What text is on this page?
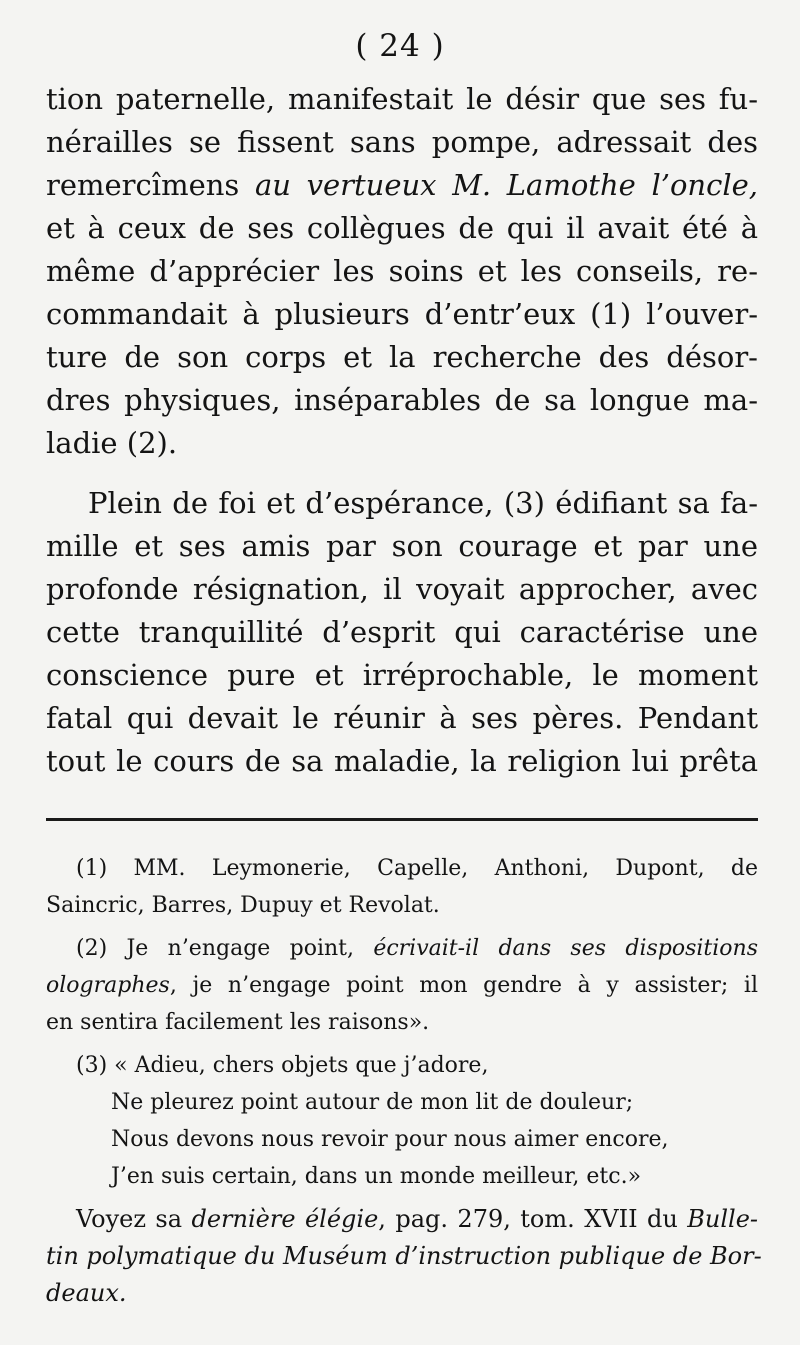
( 24 )
tion paternelle, manifestait le désir que ses fu-
nérailles se fissent sans pompe, adressait des
remercîmens au vertueux M. Lamothe l’oncle,
et à ceux de ses collègues de qui il avait été à
même d’apprécier les soins et les conseils, re-
commandait à plusieurs d’entr’eux (1) l’ouver-
ture de son corps et la recherche des désor-
dres physiques, inséparables de sa longue ma-
ladie (2).
Plein de foi et d’espérance, (3) édifiant sa fa-
mille et ses amis par son courage et par une
profonde résignation, il voyait approcher, avec
cette tranquillité d’esprit qui caractérise une
conscience pure et irréprochable, le moment
fatal qui devait le réunir à ses pères. Pendant
tout le cours de sa maladie, la religion lui prêta
(1) MM. Leymonerie, Capelle, Anthoni, Dupont, de
Saincric, Barres, Dupuy et Revolat.
(2) Je n’engage point, écrivait-il dans ses dispositions
olographes, je n’engage point mon gendre à y assister; il
en sentira facilement les raisons».
(3) « Adieu, chers objets que j’adore,
Ne pleurez point autour de mon lit de douleur;
Nous devons nous revoir pour nous aimer encore,
J’en suis certain, dans un monde meilleur, etc.»
Voyez sa dernière élégie, pag. 279, tom. XVII du Bulle-
tin polymatique du Muséum d’instruction publique de Bor-
deaux.
